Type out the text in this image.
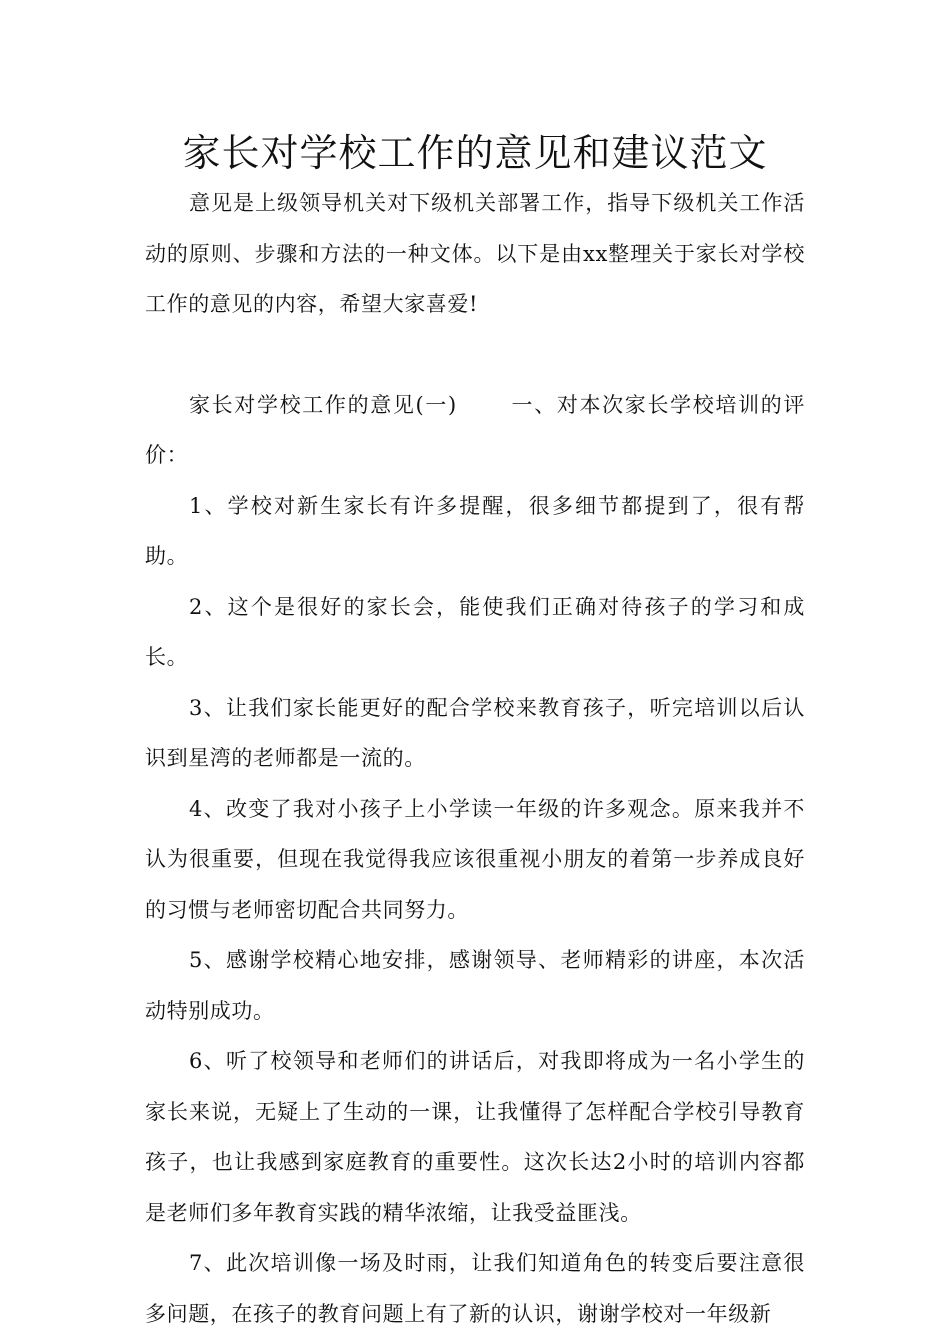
家长对学校工作的意见和建议范文

意见是上级领导机关对下级机关部署工作，指导下级机关工作活动的原则、步骤和方法的一种文体。以下是由xx整理关于家长对学校工作的意见的内容，希望大家喜爱!

家长对学校工作的意见(一)　　 一、对本次家长学校培训的评价：

1、学校对新生家长有许多提醒，很多细节都提到了，很有帮助。

2、这个是很好的家长会，能使我们正确对待孩子的学习和成长。

3、让我们家长能更好的配合学校来教育孩子，听完培训以后认识到星湾的老师都是一流的。

4、改变了我对小孩子上小学读一年级的许多观念。原来我并不认为很重要，但现在我觉得我应该很重视小朋友的着第一步养成良好的习惯与老师密切配合共同努力。

5、感谢学校精心地安排，感谢领导、老师精彩的讲座，本次活动特别成功。

6、听了校领导和老师们的讲话后，对我即将成为一名小学生的家长来说，无疑上了生动的一课，让我懂得了怎样配合学校引导教育孩子，也让我感到家庭教育的重要性。这次长达2小时的培训内容都是老师们多年教育实践的精华浓缩，让我受益匪浅。

7、此次培训像一场及时雨，让我们知道角色的转变后要注意很多问题，在孩子的教育问题上有了新的认识，谢谢学校对一年级新
